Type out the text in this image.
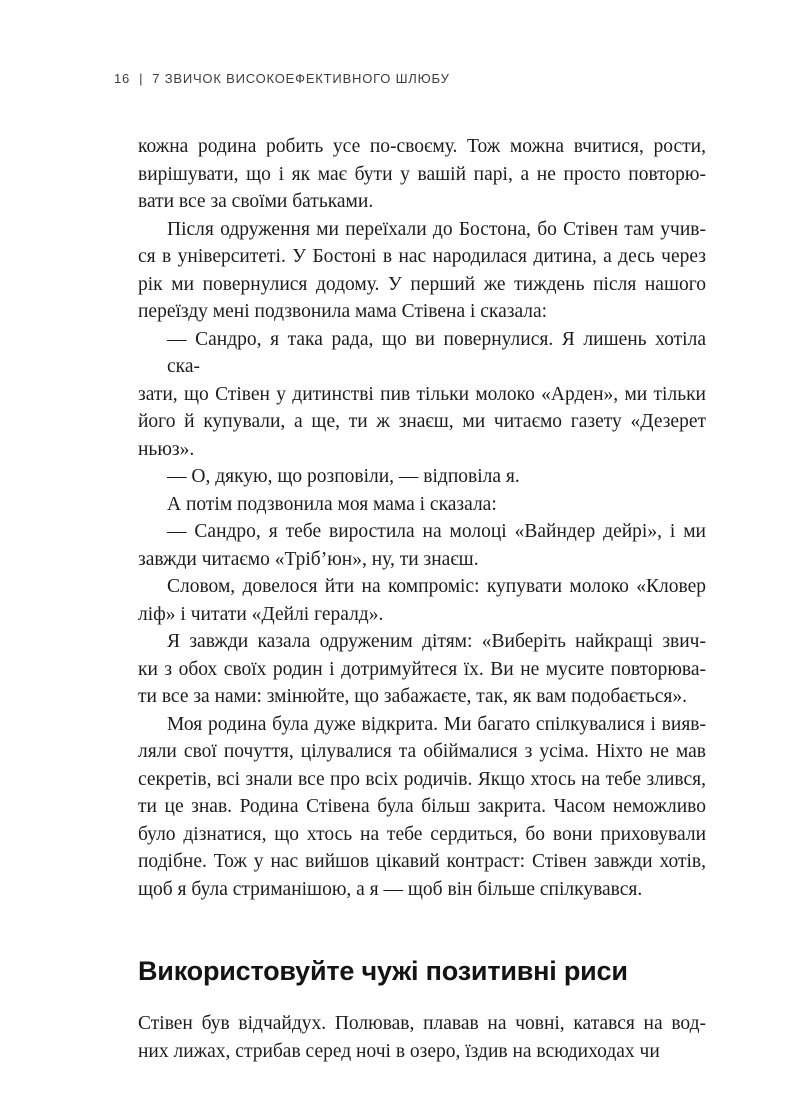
16 | 7 ЗВИЧОК ВИСОКОЕФЕКТИВНОГО ШЛЮБУ
кожна родина робить усе по-своєму. Тож можна вчитися, рости,
вирішувати, що і як має бути у вашій парі, а не просто повторю-
вати все за своїми батьками.
Після одруження ми переїхали до Бостона, бо Стівен там учив-
ся в університеті. У Бостоні в нас народилася дитина, а десь через
рік ми повернулися додому. У перший же тиждень після нашого
переїзду мені подзвонила мама Стівена і сказала:
— Сандро, я така рада, що ви повернулися. Я лишень хотіла ска-
зати, що Стівен у дитинстві пив тільки молоко «Арден», ми тільки
його й купували, а ще, ти ж знаєш, ми читаємо газету «Дезерет ньюз».
— О, дякую, що розповіли, — відповіла я.
А потім подзвонила моя мама і сказала:
— Сандро, я тебе виростила на молоці «Вайндер дейрі», і ми
завжди читаємо «Тріб’юн», ну, ти знаєш.
Словом, довелося йти на компроміс: купувати молоко «Кловер
ліф» і читати «Дейлі гералд».
Я завжди казала одруженим дітям: «Виберіть найкращі звич-
ки з обох своїх родин і дотримуйтеся їх. Ви не мусите повторюва-
ти все за нами: змінюйте, що забажаєте, так, як вам подобається».
Моя родина була дуже відкрита. Ми багато спілкувалися і вияв-
ляли свої почуття, цілувалися та обіймалися з усіма. Ніхто не мав
секретів, всі знали все про всіх родичів. Якщо хтось на тебе злився,
ти це знав. Родина Стівена була більш закрита. Часом неможливо
було дізнатися, що хтось на тебе сердиться, бо вони приховували
подібне. Тож у нас вийшов цікавий контраст: Стівен завжди хотів,
щоб я була стриманішою, а я — щоб він більше спілкувався.
Використовуйте чужі позитивні риси
Стівен був відчайдух. Полював, плавав на човні, катався на вод-
них лижах, стрибав серед ночі в озеро, їздив на всюдиходах чи
